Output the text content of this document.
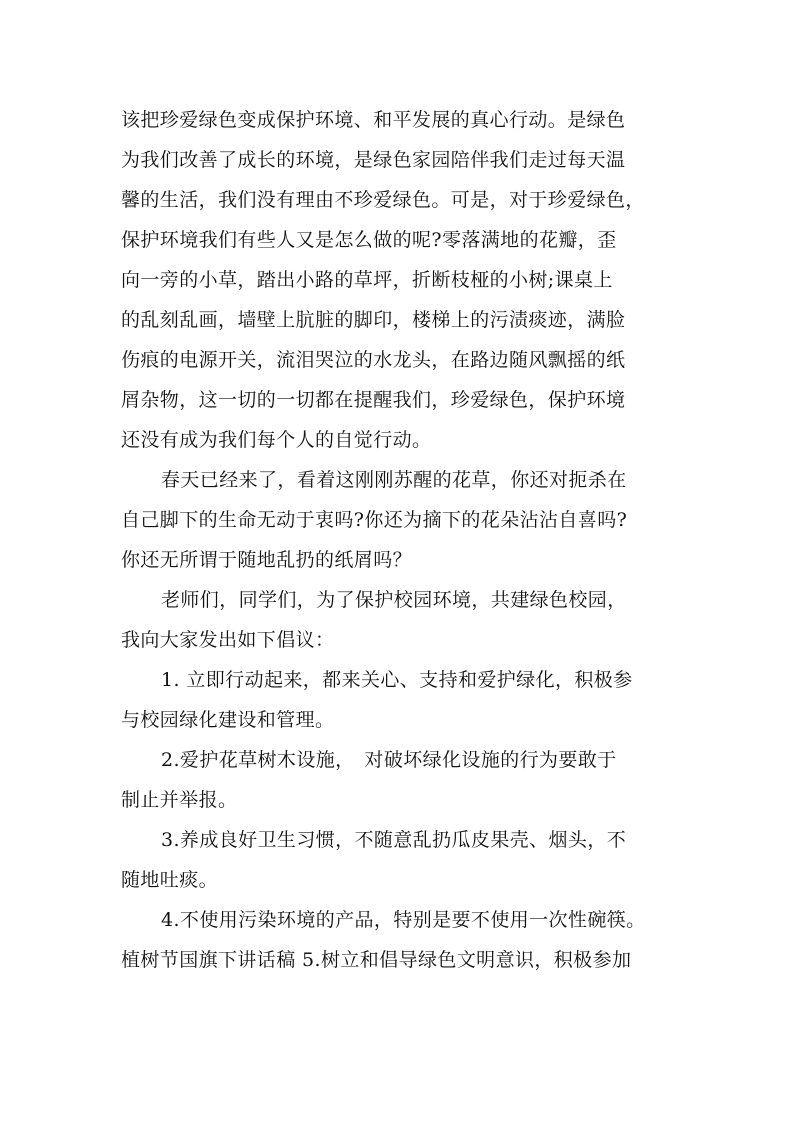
该把珍爱绿色变成保护环境、和平发展的真心行动。是绿色
为我们改善了成长的环境，是绿色家园陪伴我们走过每天温
馨的生活，我们没有理由不珍爱绿色。可是，对于珍爱绿色，
保护环境我们有些人又是怎么做的呢?零落满地的花瓣，歪
向一旁的小草，踏出小路的草坪，折断枝桠的小树;课桌上
的乱刻乱画，墙壁上肮脏的脚印，楼梯上的污渍痰迹，满脸
伤痕的电源开关，流泪哭泣的水龙头，在路边随风飘摇的纸
屑杂物，这一切的一切都在提醒我们，珍爱绿色，保护环境
还没有成为我们每个人的自觉行动。
春天已经来了，看着这刚刚苏醒的花草，你还对扼杀在
自己脚下的生命无动于衷吗?你还为摘下的花朵沾沾自喜吗?
你还无所谓于随地乱扔的纸屑吗？
老师们，同学们，为了保护校园环境，共建绿色校园，
我向大家发出如下倡议：
1. 立即行动起来，都来关心、支持和爱护绿化，积极参
与校园绿化建设和管理。
2.爱护花草树木设施，　对破坏绿化设施的行为要敢于
制止并举报。
3.养成良好卫生习惯，不随意乱扔瓜皮果壳、烟头，不
随地吐痰。
4.不使用污染环境的产品，特别是要不使用一次性碗筷。
植树节国旗下讲话稿 5.树立和倡导绿色文明意识，积极参加
